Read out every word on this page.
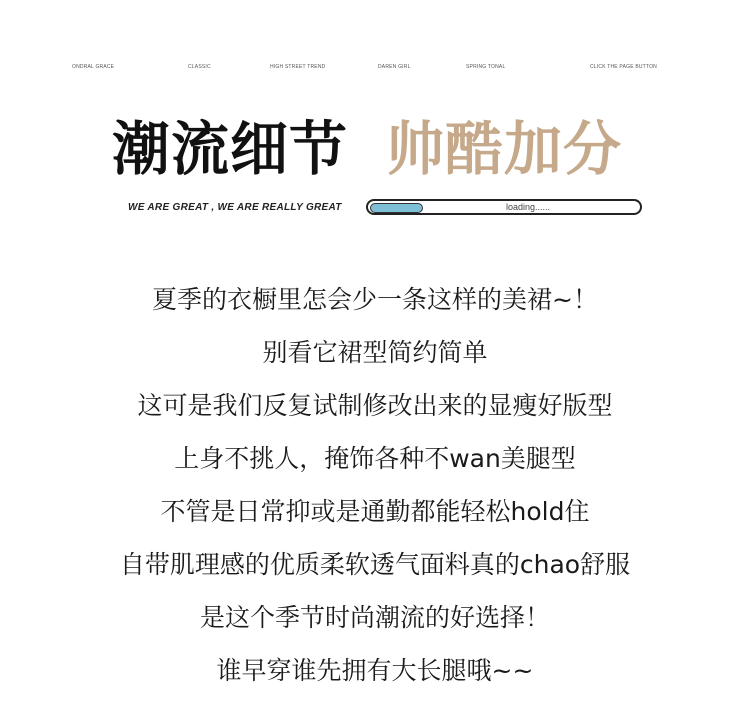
ONDRAL GRACE	CLASSIC	HIGH STREET TREND	DAREN GIRL	SPRING TONAL	CLICK THE PAGE BUTTON
潮流细节 帅酷加分
WE ARE GREAT , WE ARE REALLY GREAT	loading......
夏季的衣橱里怎会少一条这样的美裙~！
别看它裙型简约简单
这可是我们反复试制修改出来的显瘦好版型
上身不挑人，掩饰各种不wan美腿型
不管是日常抑或是通勤都能轻松hold住
自带肌理感的优质柔软透气面料真的chao舒服
是这个季节时尚潮流的好选择！
谁早穿谁先拥有大长腿哦~~
